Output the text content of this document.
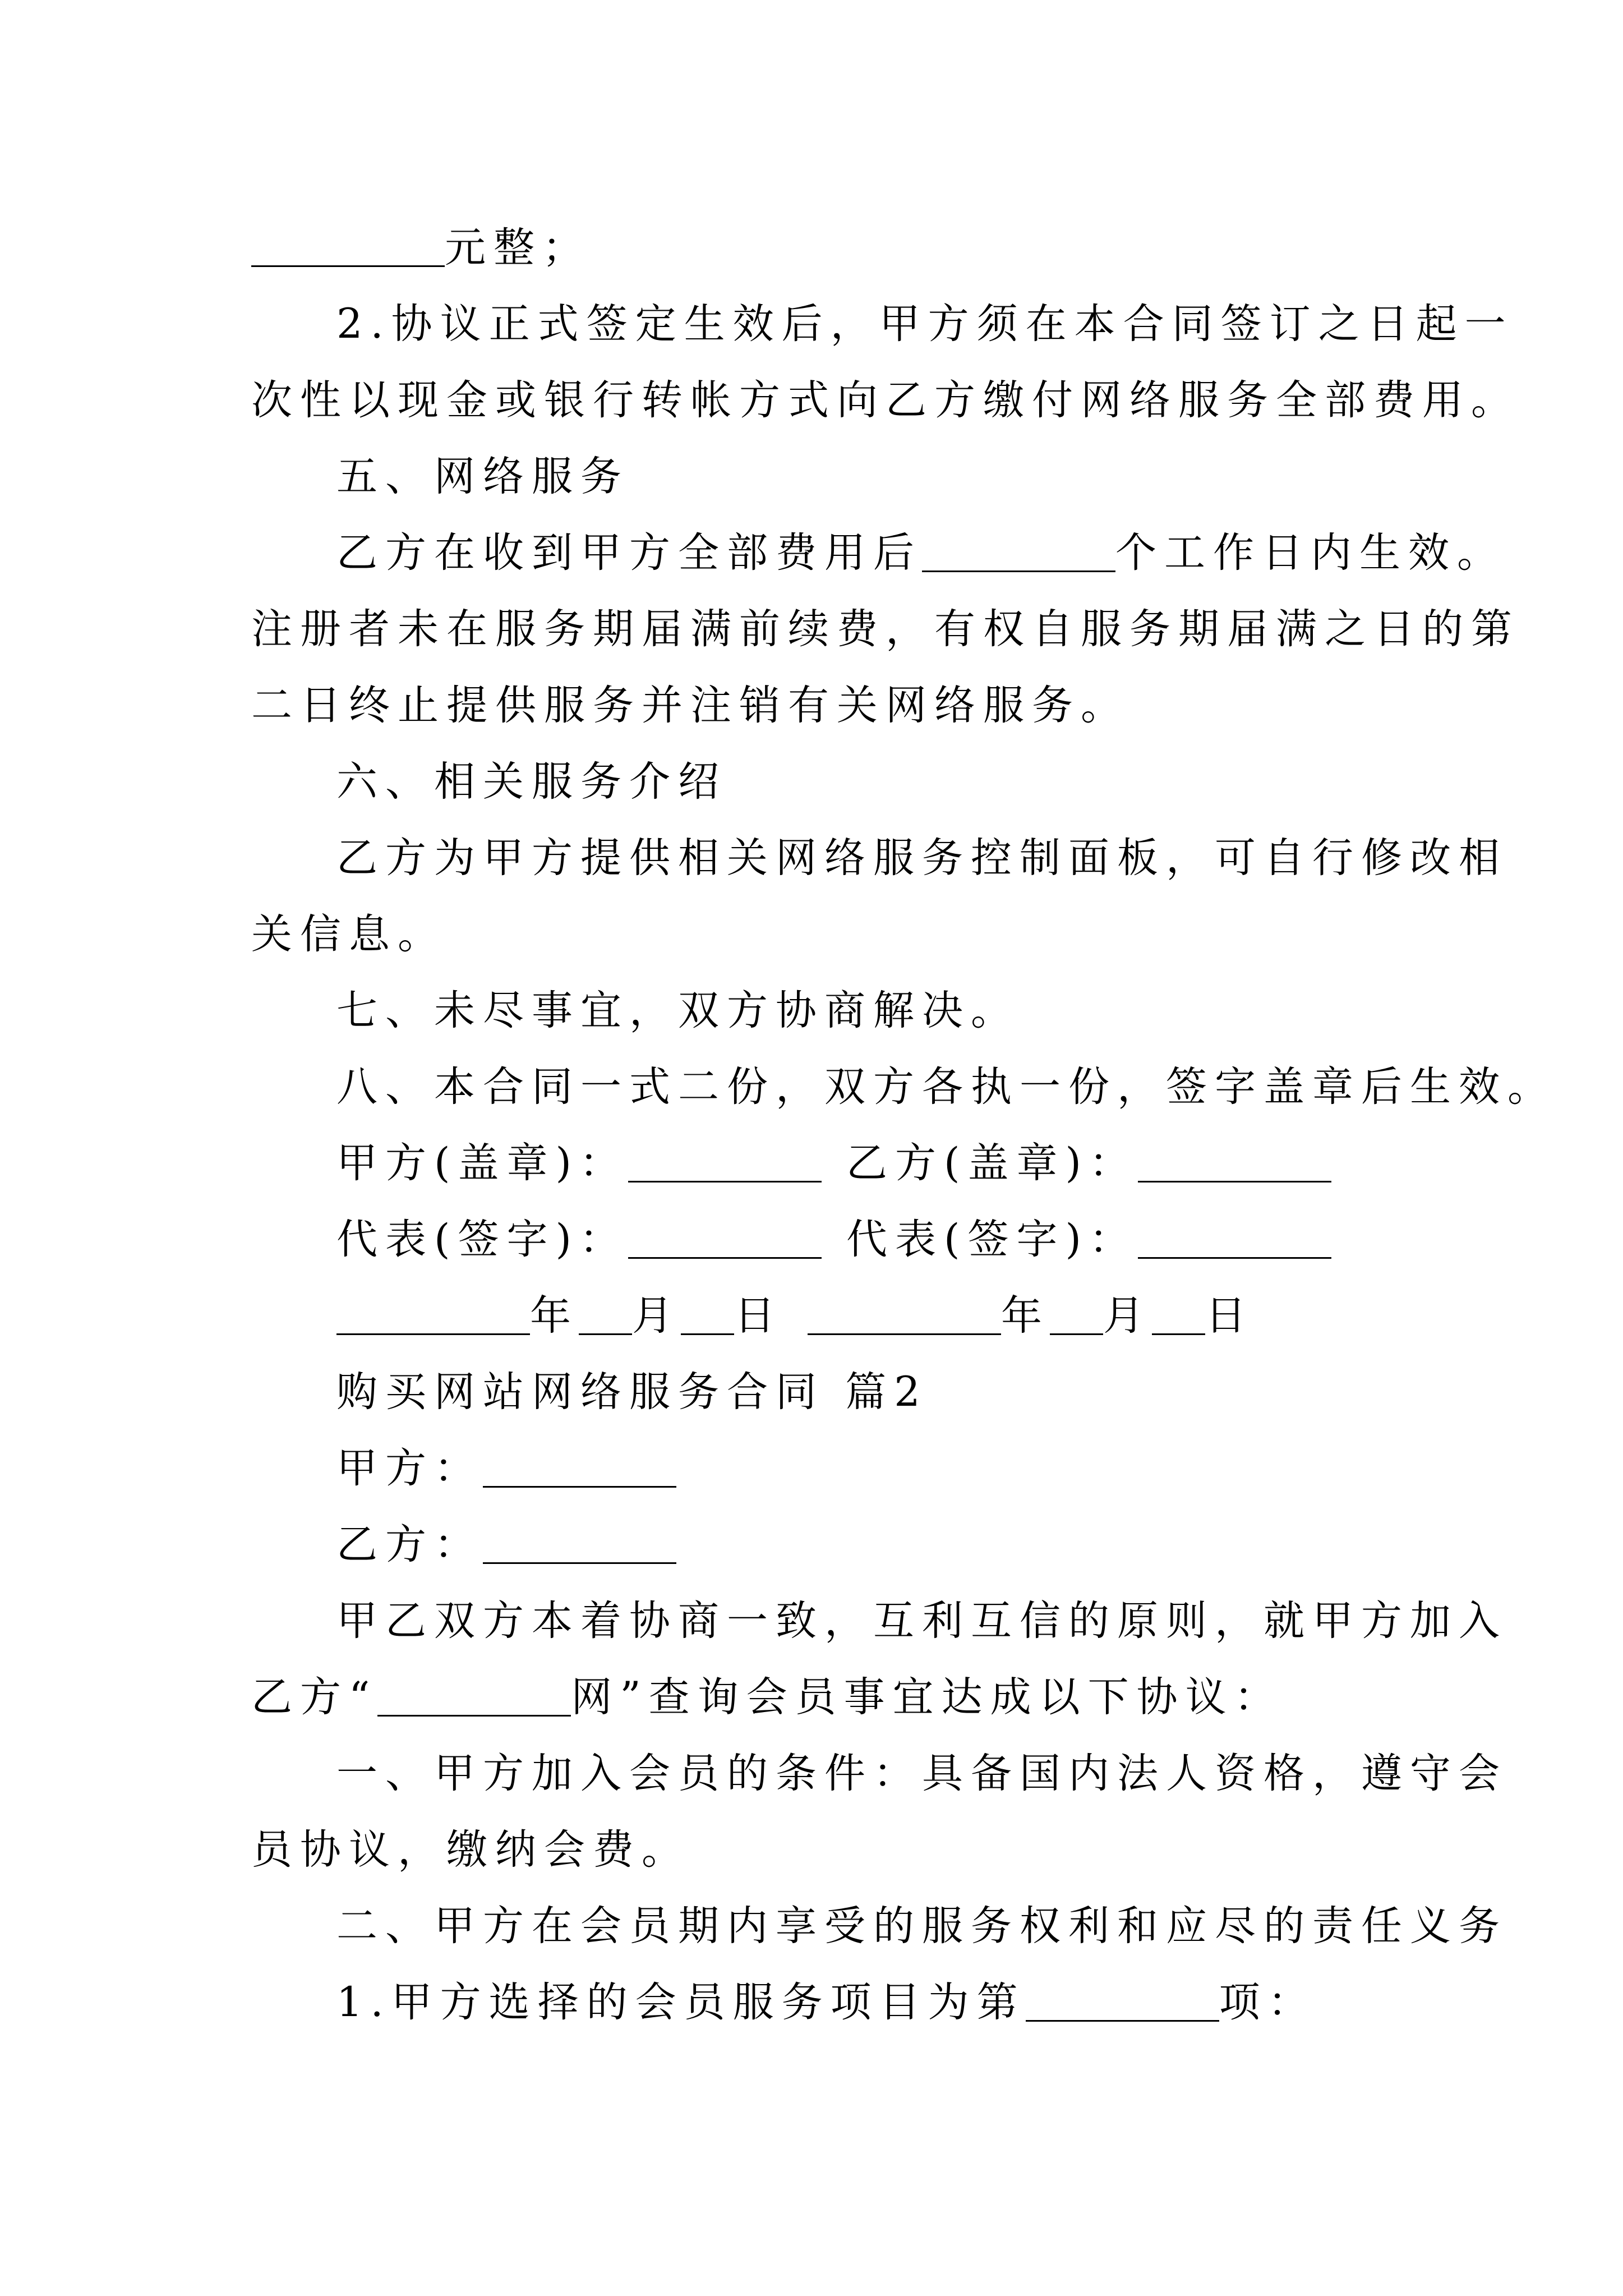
元整；
2.协议正式签定生效后，甲方须在本合同签订之日起一
次性以现金或银行转帐方式向乙方缴付网络服务全部费用。
五、网络服务
乙方在收到甲方全部费用后	个工作日内生效。
注册者未在服务期届满前续费，有权自服务期届满之日的第
二日终止提供服务并注销有关网络服务。
六、相关服务介绍
乙方为甲方提供相关网络服务控制面板，可自行修改相
关信息。
七、未尽事宜，双方协商解决。
八、本合同一式二份，双方各执一份，签字盖章后生效。
甲方(盖章)：	乙方(盖章)：
代表(签字)：	代表(签字)：
年 月 日	年 月 日
购买网站网络服务合同 篇2
甲方：
乙方：
甲乙双方本着协商一致，互利互信的原则，就甲方加入
乙方“	网”查询会员事宜达成以下协议：
一、甲方加入会员的条件：具备国内法人资格，遵守会
员协议，缴纳会费。
二、甲方在会员期内享受的服务权利和应尽的责任义务
1.甲方选择的会员服务项目为第	项：
